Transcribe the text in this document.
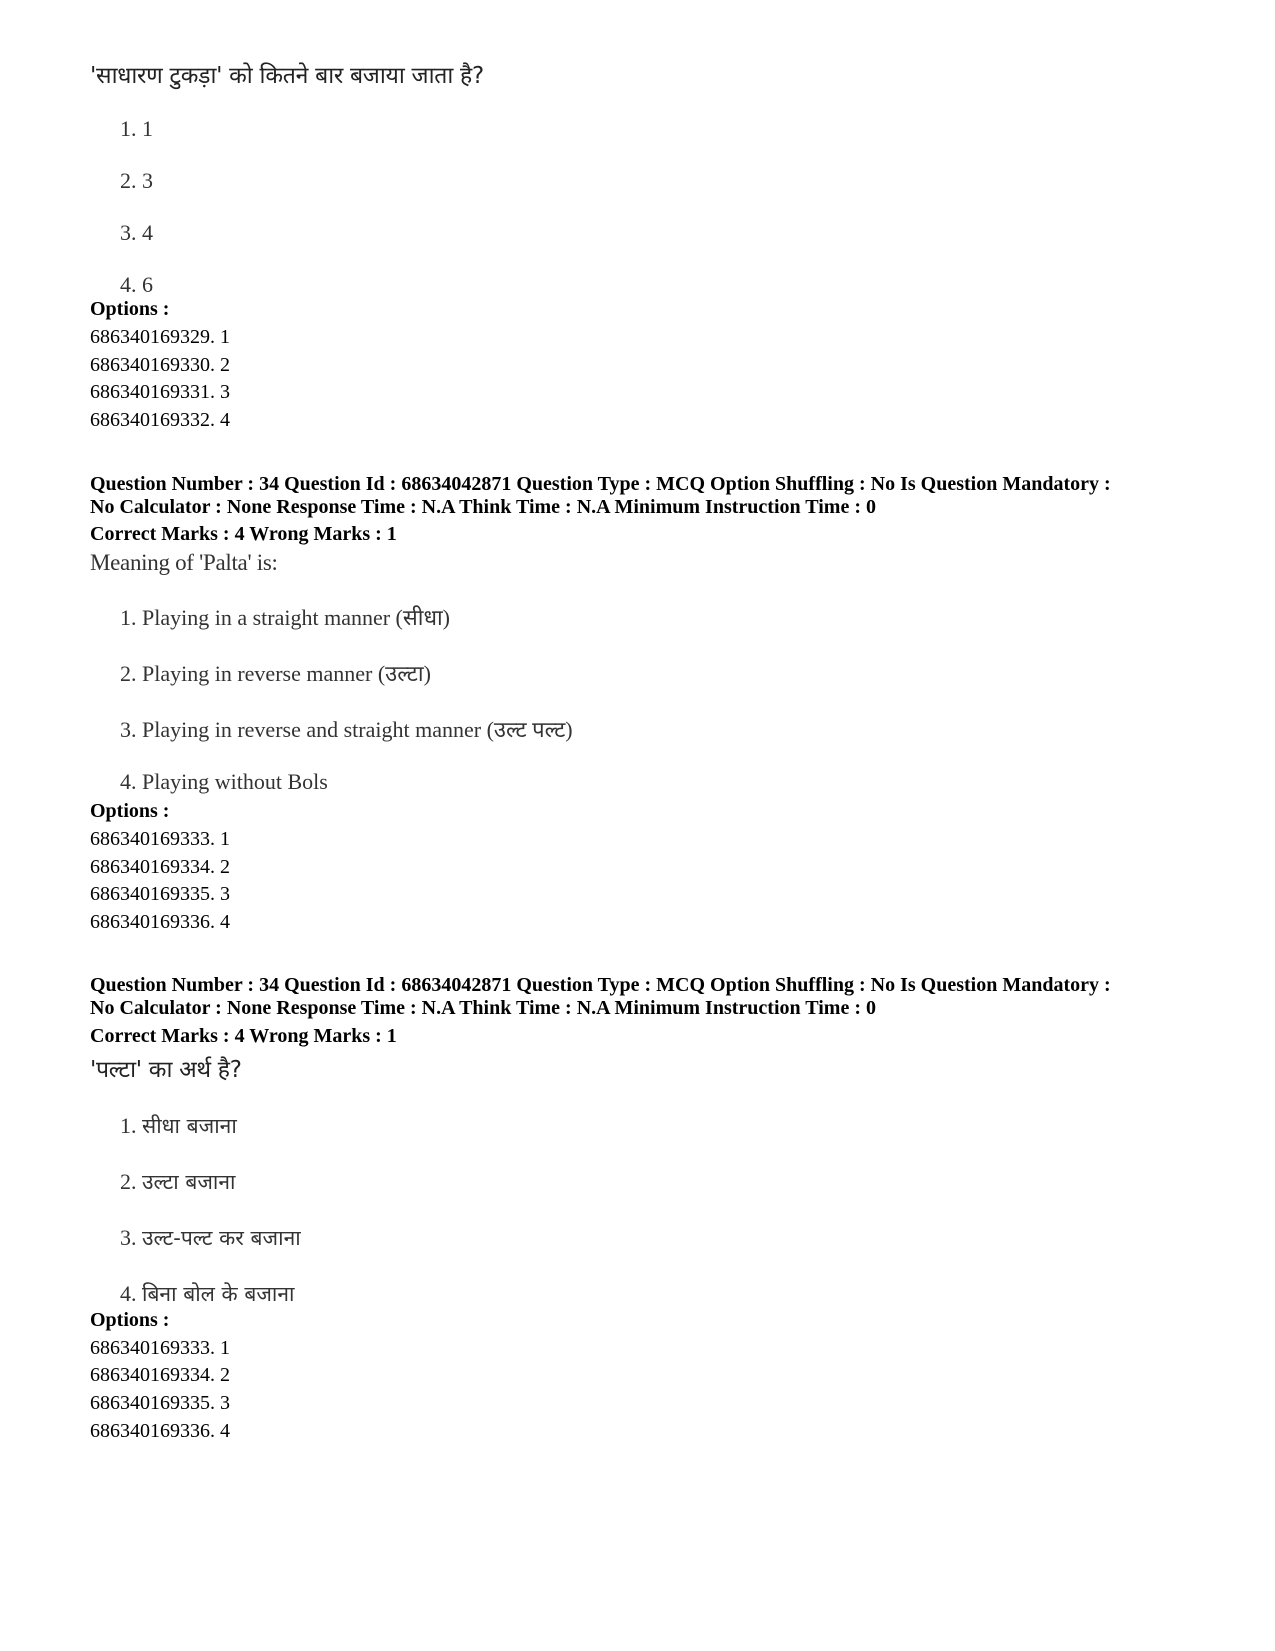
'साधारण टुकड़ा' को कितने बार बजाया जाता है?
1. 1
2. 3
3. 4
4. 6
Options :
686340169329. 1
686340169330. 2
686340169331. 3
686340169332. 4
Question Number : 34 Question Id : 68634042871 Question Type : MCQ Option Shuffling : No Is Question Mandatory :
No Calculator : None Response Time : N.A Think Time : N.A Minimum Instruction Time : 0
Correct Marks : 4 Wrong Marks : 1
Meaning of 'Palta' is:
1. Playing in a straight manner (सीधा)
2. Playing in reverse manner (उल्टा)
3. Playing in reverse and straight manner (उल्ट पल्ट)
4. Playing without Bols
Options :
686340169333. 1
686340169334. 2
686340169335. 3
686340169336. 4
Question Number : 34 Question Id : 68634042871 Question Type : MCQ Option Shuffling : No Is Question Mandatory :
No Calculator : None Response Time : N.A Think Time : N.A Minimum Instruction Time : 0
Correct Marks : 4 Wrong Marks : 1
'पल्टा' का अर्थ है?
1. सीधा बजाना
2. उल्टा बजाना
3. उल्ट-पल्ट कर बजाना
4. बिना बोल के बजाना
Options :
686340169333. 1
686340169334. 2
686340169335. 3
686340169336. 4
